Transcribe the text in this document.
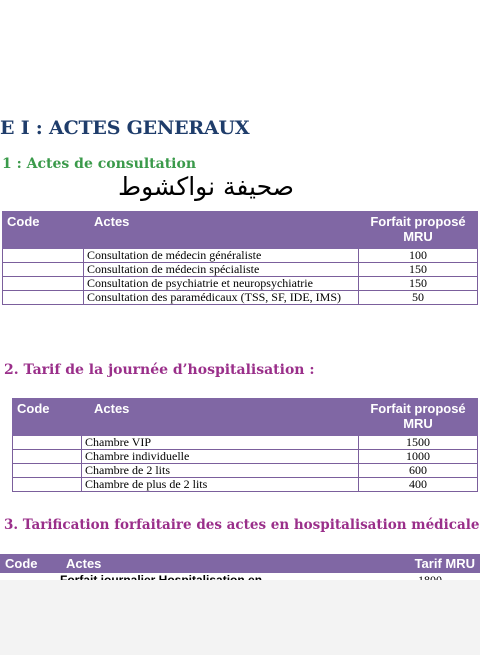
E I : ACTES GENERAUX
1 : Actes de consultation
صحيفة نواكشوط
Code	Actes	Forfait proposé MRU
	Consultation de médecin généraliste	100
	Consultation de médecin spécialiste	150
	Consultation de psychiatrie et neuropsychiatrie	150
	Consultation des paramédicaux (TSS, SF, IDE, IMS)	50
2. Tarif de la journée d’hospitalisation :
Code	Actes	Forfait proposé MRU
	Chambre VIP	1500
	Chambre individuelle	1000
	Chambre de 2 lits	600
	Chambre de plus de 2 lits	400
3. Tarification forfaitaire des actes en hospitalisation médicale
Code	Actes	Tarif MRU
